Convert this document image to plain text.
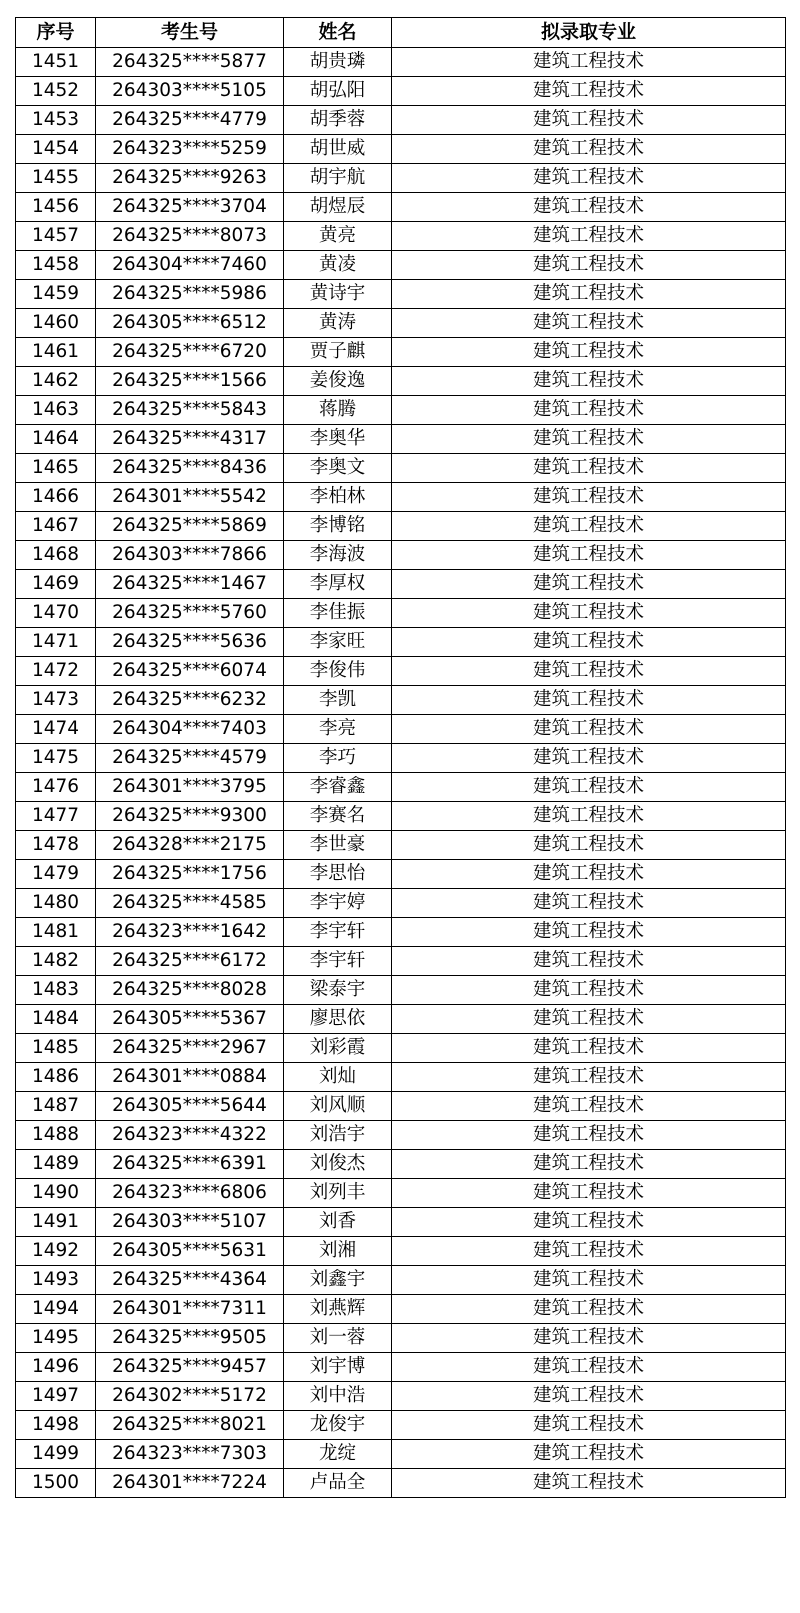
序号	考生号	姓名	拟录取专业
1451	264325****5877	胡贵璘	建筑工程技术
1452	264303****5105	胡弘阳	建筑工程技术
1453	264325****4779	胡季蓉	建筑工程技术
1454	264323****5259	胡世威	建筑工程技术
1455	264325****9263	胡宇航	建筑工程技术
1456	264325****3704	胡煜辰	建筑工程技术
1457	264325****8073	黄亮	建筑工程技术
1458	264304****7460	黄凌	建筑工程技术
1459	264325****5986	黄诗宇	建筑工程技术
1460	264305****6512	黄涛	建筑工程技术
1461	264325****6720	贾子麒	建筑工程技术
1462	264325****1566	姜俊逸	建筑工程技术
1463	264325****5843	蒋腾	建筑工程技术
1464	264325****4317	李奥华	建筑工程技术
1465	264325****8436	李奥文	建筑工程技术
1466	264301****5542	李柏林	建筑工程技术
1467	264325****5869	李博铭	建筑工程技术
1468	264303****7866	李海波	建筑工程技术
1469	264325****1467	李厚权	建筑工程技术
1470	264325****5760	李佳振	建筑工程技术
1471	264325****5636	李家旺	建筑工程技术
1472	264325****6074	李俊伟	建筑工程技术
1473	264325****6232	李凯	建筑工程技术
1474	264304****7403	李亮	建筑工程技术
1475	264325****4579	李巧	建筑工程技术
1476	264301****3795	李睿鑫	建筑工程技术
1477	264325****9300	李赛名	建筑工程技术
1478	264328****2175	李世豪	建筑工程技术
1479	264325****1756	李思怡	建筑工程技术
1480	264325****4585	李宇婷	建筑工程技术
1481	264323****1642	李宇轩	建筑工程技术
1482	264325****6172	李宇轩	建筑工程技术
1483	264325****8028	梁泰宇	建筑工程技术
1484	264305****5367	廖思依	建筑工程技术
1485	264325****2967	刘彩霞	建筑工程技术
1486	264301****0884	刘灿	建筑工程技术
1487	264305****5644	刘风顺	建筑工程技术
1488	264323****4322	刘浩宇	建筑工程技术
1489	264325****6391	刘俊杰	建筑工程技术
1490	264323****6806	刘列丰	建筑工程技术
1491	264303****5107	刘香	建筑工程技术
1492	264305****5631	刘湘	建筑工程技术
1493	264325****4364	刘鑫宇	建筑工程技术
1494	264301****7311	刘燕辉	建筑工程技术
1495	264325****9505	刘一蓉	建筑工程技术
1496	264325****9457	刘宇博	建筑工程技术
1497	264302****5172	刘中浩	建筑工程技术
1498	264325****8021	龙俊宇	建筑工程技术
1499	264323****7303	龙绽	建筑工程技术
1500	264301****7224	卢品全	建筑工程技术
